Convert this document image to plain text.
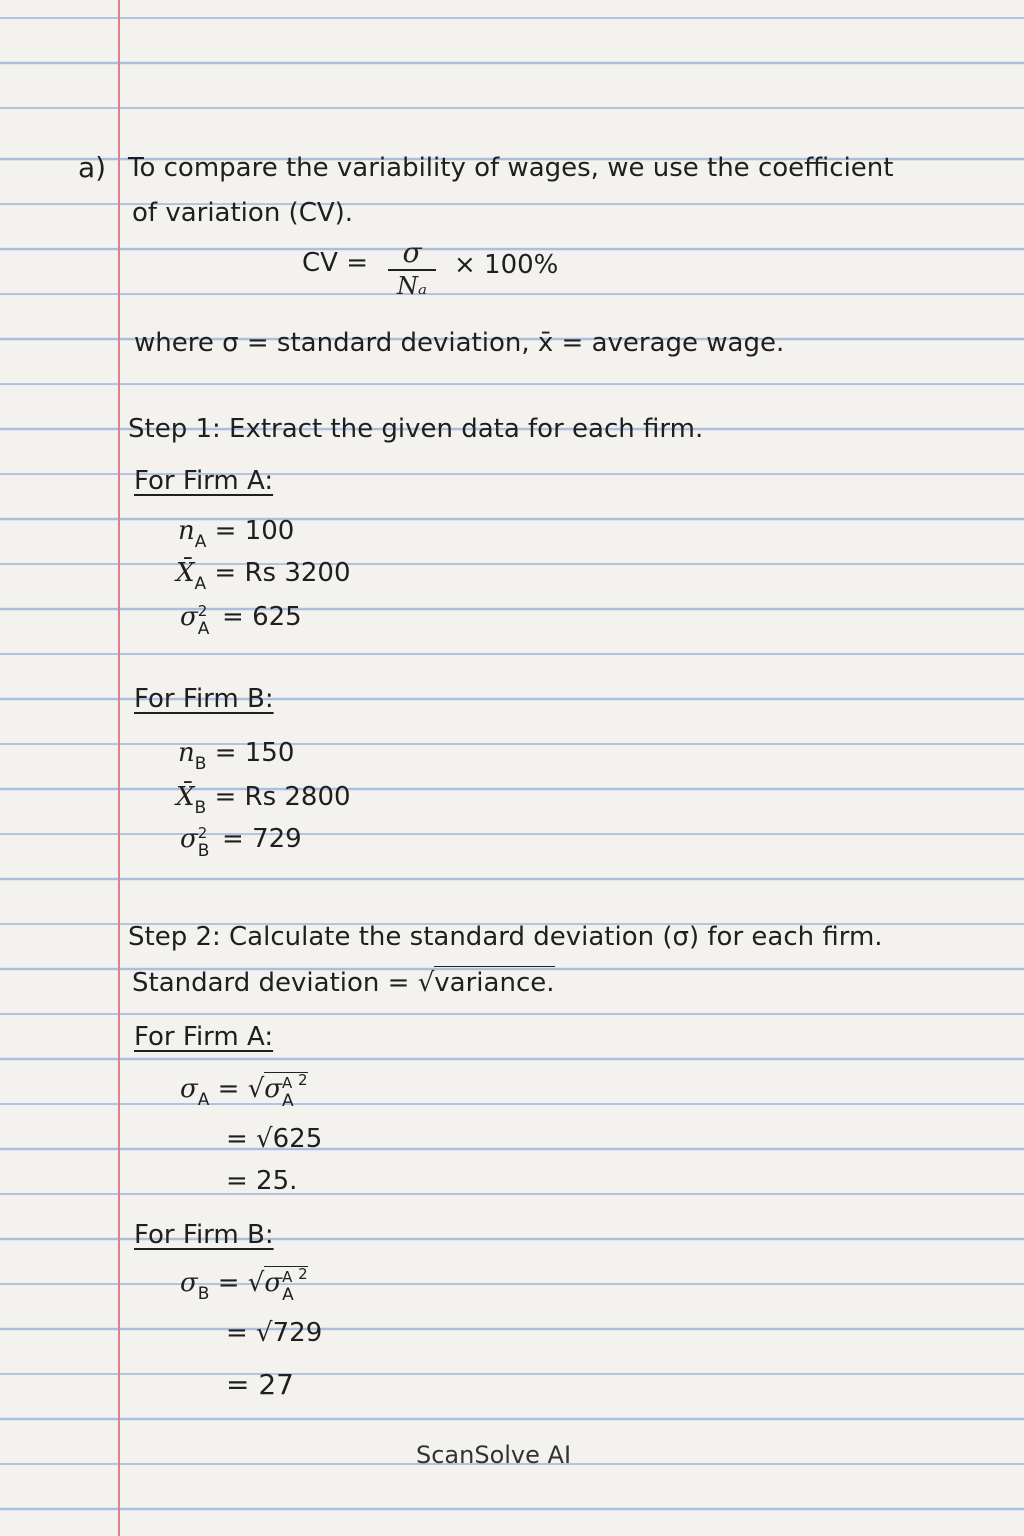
a) To compare the variability of wages, we use the coefficient
of variation (CV).
CV =	σ
Nₐ
× 100%
where σ = standard deviation, x̄ = average wage.
Step 1: Extract the given data for each firm.
For Firm A:
$n_A = 100$
$X̄_A = Rs$ 3200
σ 2
A = 625
For Firm B:
$n_B = 150$
$X̄_B = Rs$ 2800
σ 2
B = 729
Step 2: Calculate the standard deviation (σ) for each firm.
Standard deviation = √variance.
For Firm A:
$\sigma_A = √\sigma$ A
A
$^2$
= √625
= 25.
For Firm B:
$\sigma_B = √\sigma$ A
A
$^2$
= √729
= 27
ScanSolve AI
